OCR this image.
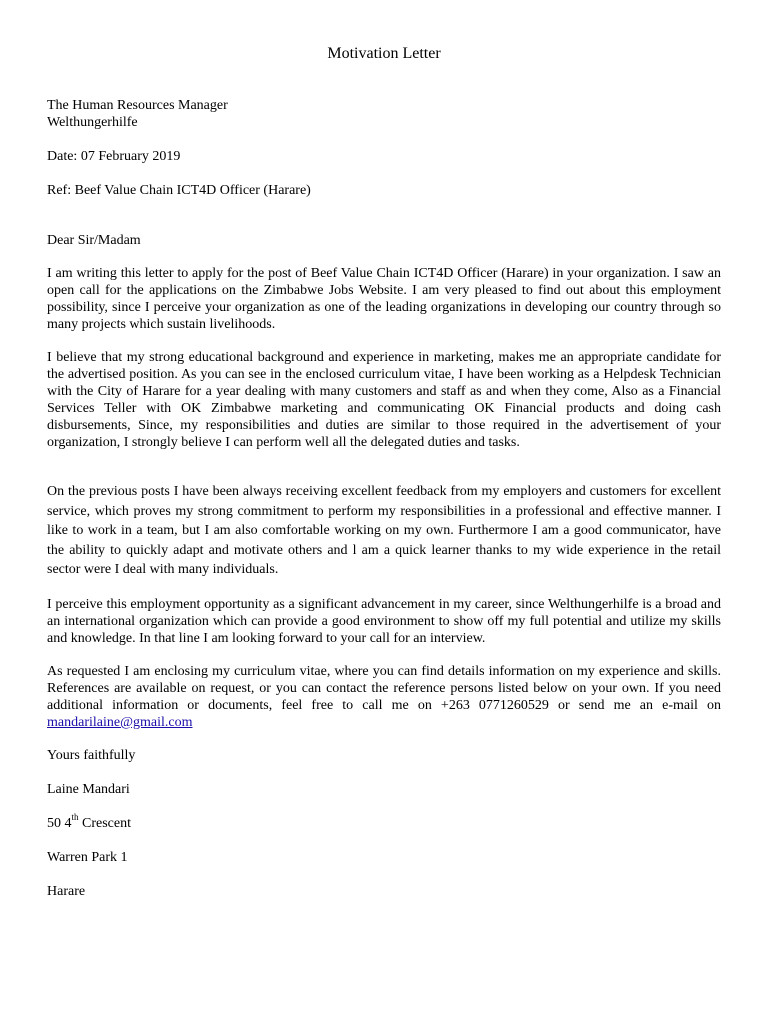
Motivation Letter
The Human Resources Manager
Welthungerhilfe
Date: 07 February 2019
Ref: Beef Value Chain ICT4D Officer (Harare)
Dear Sir/Madam
I am writing this letter to apply for the post of Beef Value Chain ICT4D Officer (Harare) in your organization. I saw an open call for the applications on the Zimbabwe Jobs Website. I am very pleased to find out about this employment possibility, since I perceive your organization as one of the leading organizations in developing our country through so many projects which sustain livelihoods.
I believe that my strong educational background and experience in marketing, makes me an appropriate candidate for the advertised position. As you can see in the enclosed curriculum vitae, I have been working as a Helpdesk Technician with the City of Harare for a year dealing with many customers and staff as and when they come, Also as a Financial Services Teller with OK Zimbabwe marketing and communicating OK Financial products and doing cash disbursements, Since, my responsibilities and duties are similar to those required in the advertisement of your organization, I strongly believe I can perform well all the delegated duties and tasks.
On the previous posts I have been always receiving excellent feedback from my employers and customers for excellent service, which proves my strong commitment to perform my responsibilities in a professional and effective manner. I like to work in a team, but I am also comfortable working on my own. Furthermore I am a good communicator, have the ability to quickly adapt and motivate others and l am a quick learner thanks to my wide experience in the retail sector were I deal with many individuals.
I perceive this employment opportunity as a significant advancement in my career, since Welthungerhilfe is a broad and an international organization which can provide a good environment to show off my full potential and utilize my skills and knowledge. In that line I am looking forward to your call for an interview.
As requested I am enclosing my curriculum vitae, where you can find details information on my experience and skills. References are available on request, or you can contact the reference persons listed below on your own. If you need additional information or documents, feel free to call me on +263 0771260529 or send me an e-mail on mandarilaine@gmail.com
Yours faithfully
Laine Mandari
50 4th Crescent
Warren Park 1
Harare
